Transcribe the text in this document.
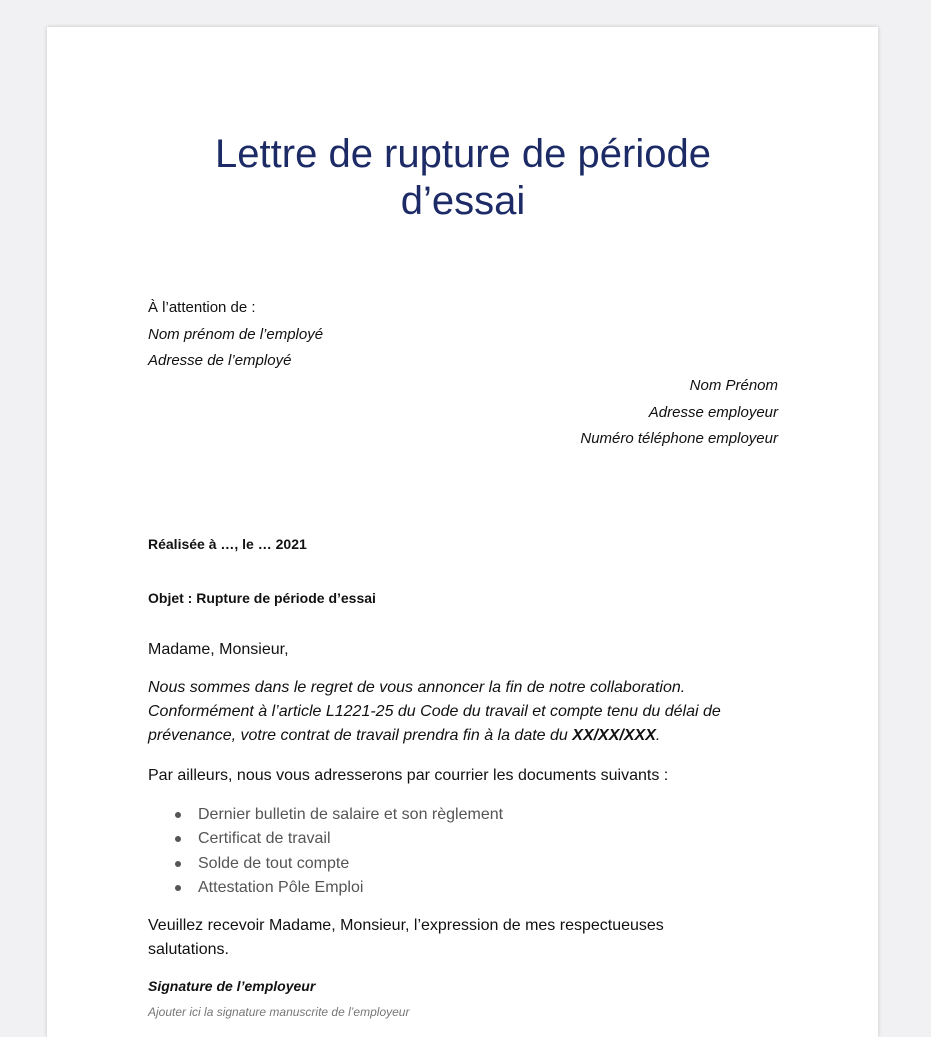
Lettre de rupture de période
d’essai
À l’attention de :
Nom prénom de l’employé
Adresse de l’employé
Nom Prénom
Adresse employeur
Numéro téléphone employeur
Réalisée à …, le … 2021
Objet : Rupture de période d’essai
Madame, Monsieur,
Nous sommes dans le regret de vous annoncer la fin de notre collaboration. Conformément à l’article L1221-25 du Code du travail et compte tenu du délai de prévenance, votre contrat de travail prendra fin à la date du XX/XX/XXX.
Par ailleurs, nous vous adresserons par courrier les documents suivants :
Dernier bulletin de salaire et son règlement
Certificat de travail
Solde de tout compte
Attestation Pôle Emploi
Veuillez recevoir Madame, Monsieur, l’expression de mes respectueuses salutations.
Signature de l’employeur
Ajouter ici la signature manuscrite de l’employeur
